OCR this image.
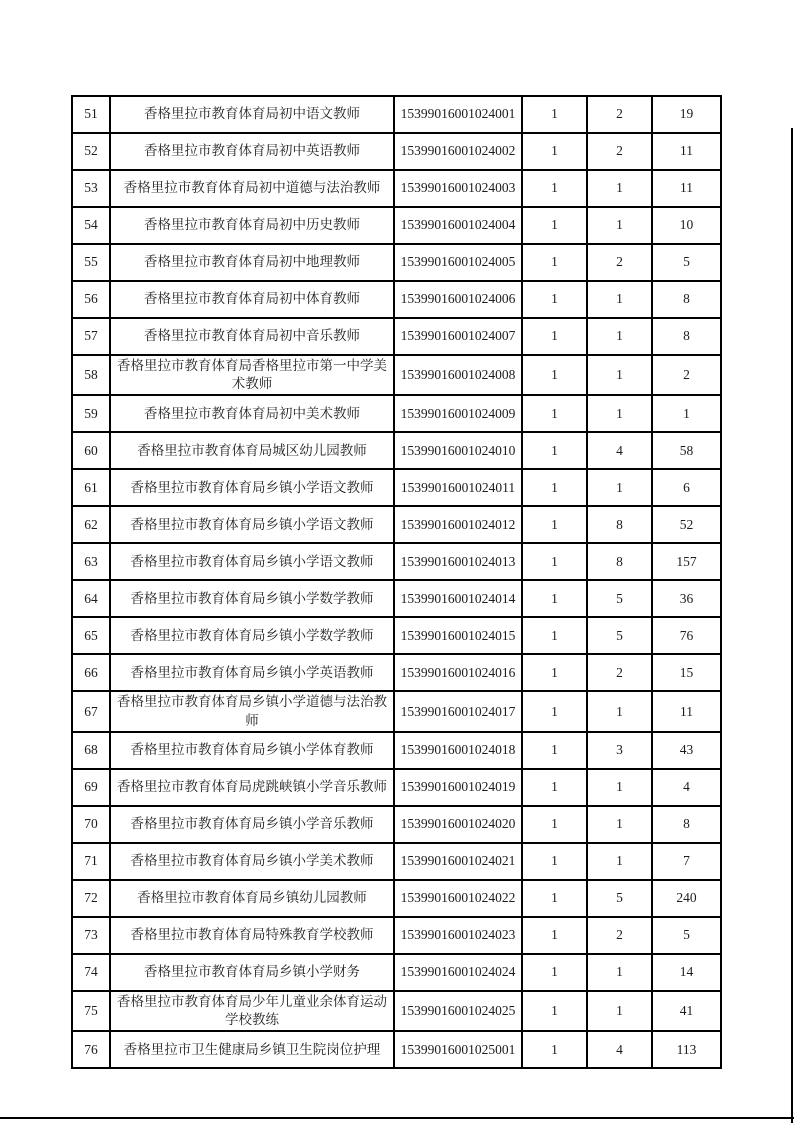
51	香格里拉市教育体育局初中语文教师	15399016001024001	1	2	19
52	香格里拉市教育体育局初中英语教师	15399016001024002	1	2	11
53	香格里拉市教育体育局初中道德与法治教师	15399016001024003	1	1	11
54	香格里拉市教育体育局初中历史教师	15399016001024004	1	1	10
55	香格里拉市教育体育局初中地理教师	15399016001024005	1	2	5
56	香格里拉市教育体育局初中体育教师	15399016001024006	1	1	8
57	香格里拉市教育体育局初中音乐教师	15399016001024007	1	1	8
58	香格里拉市教育体育局香格里拉市第一中学美术教师	15399016001024008	1	1	2
59	香格里拉市教育体育局初中美术教师	15399016001024009	1	1	1
60	香格里拉市教育体育局城区幼儿园教师	15399016001024010	1	4	58
61	香格里拉市教育体育局乡镇小学语文教师	15399016001024011	1	1	6
62	香格里拉市教育体育局乡镇小学语文教师	15399016001024012	1	8	52
63	香格里拉市教育体育局乡镇小学语文教师	15399016001024013	1	8	157
64	香格里拉市教育体育局乡镇小学数学教师	15399016001024014	1	5	36
65	香格里拉市教育体育局乡镇小学数学教师	15399016001024015	1	5	76
66	香格里拉市教育体育局乡镇小学英语教师	15399016001024016	1	2	15
67	香格里拉市教育体育局乡镇小学道德与法治教师	15399016001024017	1	1	11
68	香格里拉市教育体育局乡镇小学体育教师	15399016001024018	1	3	43
69	香格里拉市教育体育局虎跳峡镇小学音乐教师	15399016001024019	1	1	4
70	香格里拉市教育体育局乡镇小学音乐教师	15399016001024020	1	1	8
71	香格里拉市教育体育局乡镇小学美术教师	15399016001024021	1	1	7
72	香格里拉市教育体育局乡镇幼儿园教师	15399016001024022	1	5	240
73	香格里拉市教育体育局特殊教育学校教师	15399016001024023	1	2	5
74	香格里拉市教育体育局乡镇小学财务	15399016001024024	1	1	14
75	香格里拉市教育体育局少年儿童业余体育运动学校教练	15399016001024025	1	1	41
76	香格里拉市卫生健康局乡镇卫生院岗位护理	15399016001025001	1	4	113
